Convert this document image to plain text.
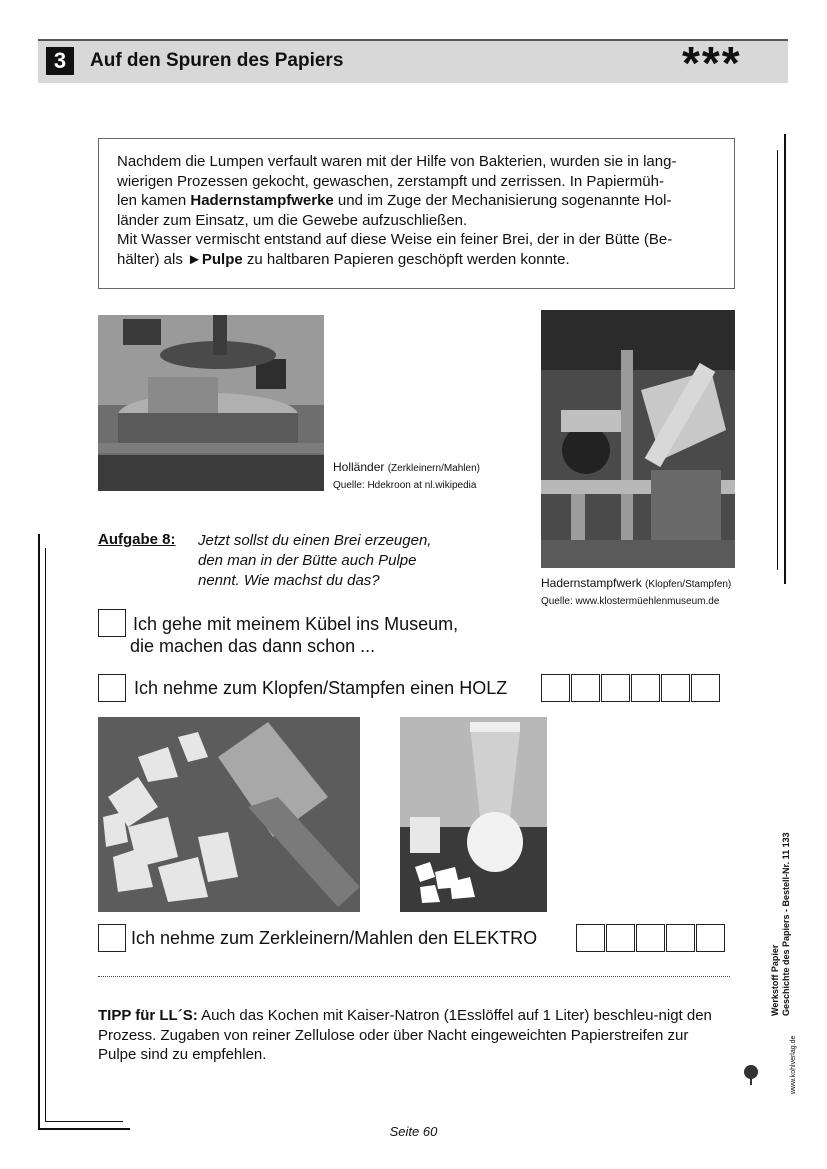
3	Auf den Spuren des Papiers	***

Nachdem die Lumpen verfault waren mit der Hilfe von Bakterien, wurden sie in lang-

wierigen Prozessen gekocht, gewaschen, zerstampft und zerrissen. In Papiermüh-

len kamen Hadernstampfwerke und im Zuge der Mechanisierung sogenannte Hol-

länder zum Einsatz, um die Gewebe aufzuschließen.

Mit Wasser vermischt entstand auf diese Weise ein feiner Brei, der in der Bütte (Be-

hälter) als ►Pulpe zu haltbaren Papieren geschöpft werden konnte.

Holländer (Zerkleinern/Mahlen)
Quelle: Hdekroon at nl.wikipedia
Hadernstampfwerk (Klopfen/Stampfen)
Quelle: www.klostermüehlenmuseum.de
Aufgabe 8: Jetzt sollst du einen Brei erzeugen,
den man in der Bütte auch Pulpe
nennt. Wie machst du das?
Ich gehe mit meinem Kübel ins Museum,
die machen das dann schon ...
Ich nehme zum Klopfen/Stampfen einen HOLZ
Ich nehme zum Zerkleinern/Mahlen den ELEKTRO
TIPP für LL´S: Auch das Kochen mit Kaiser-Natron (1Esslöffel auf 1 Liter) beschleu-nigt den Prozess. Zugaben von reiner Zellulose oder über Nacht eingeweichten Papierstreifen zur Pulpe sind zu empfehlen.
Werkstoff Papier Geschichte des Papiers - Bestell-Nr. 11 133
www.kohlverlag.de
Seite 60
